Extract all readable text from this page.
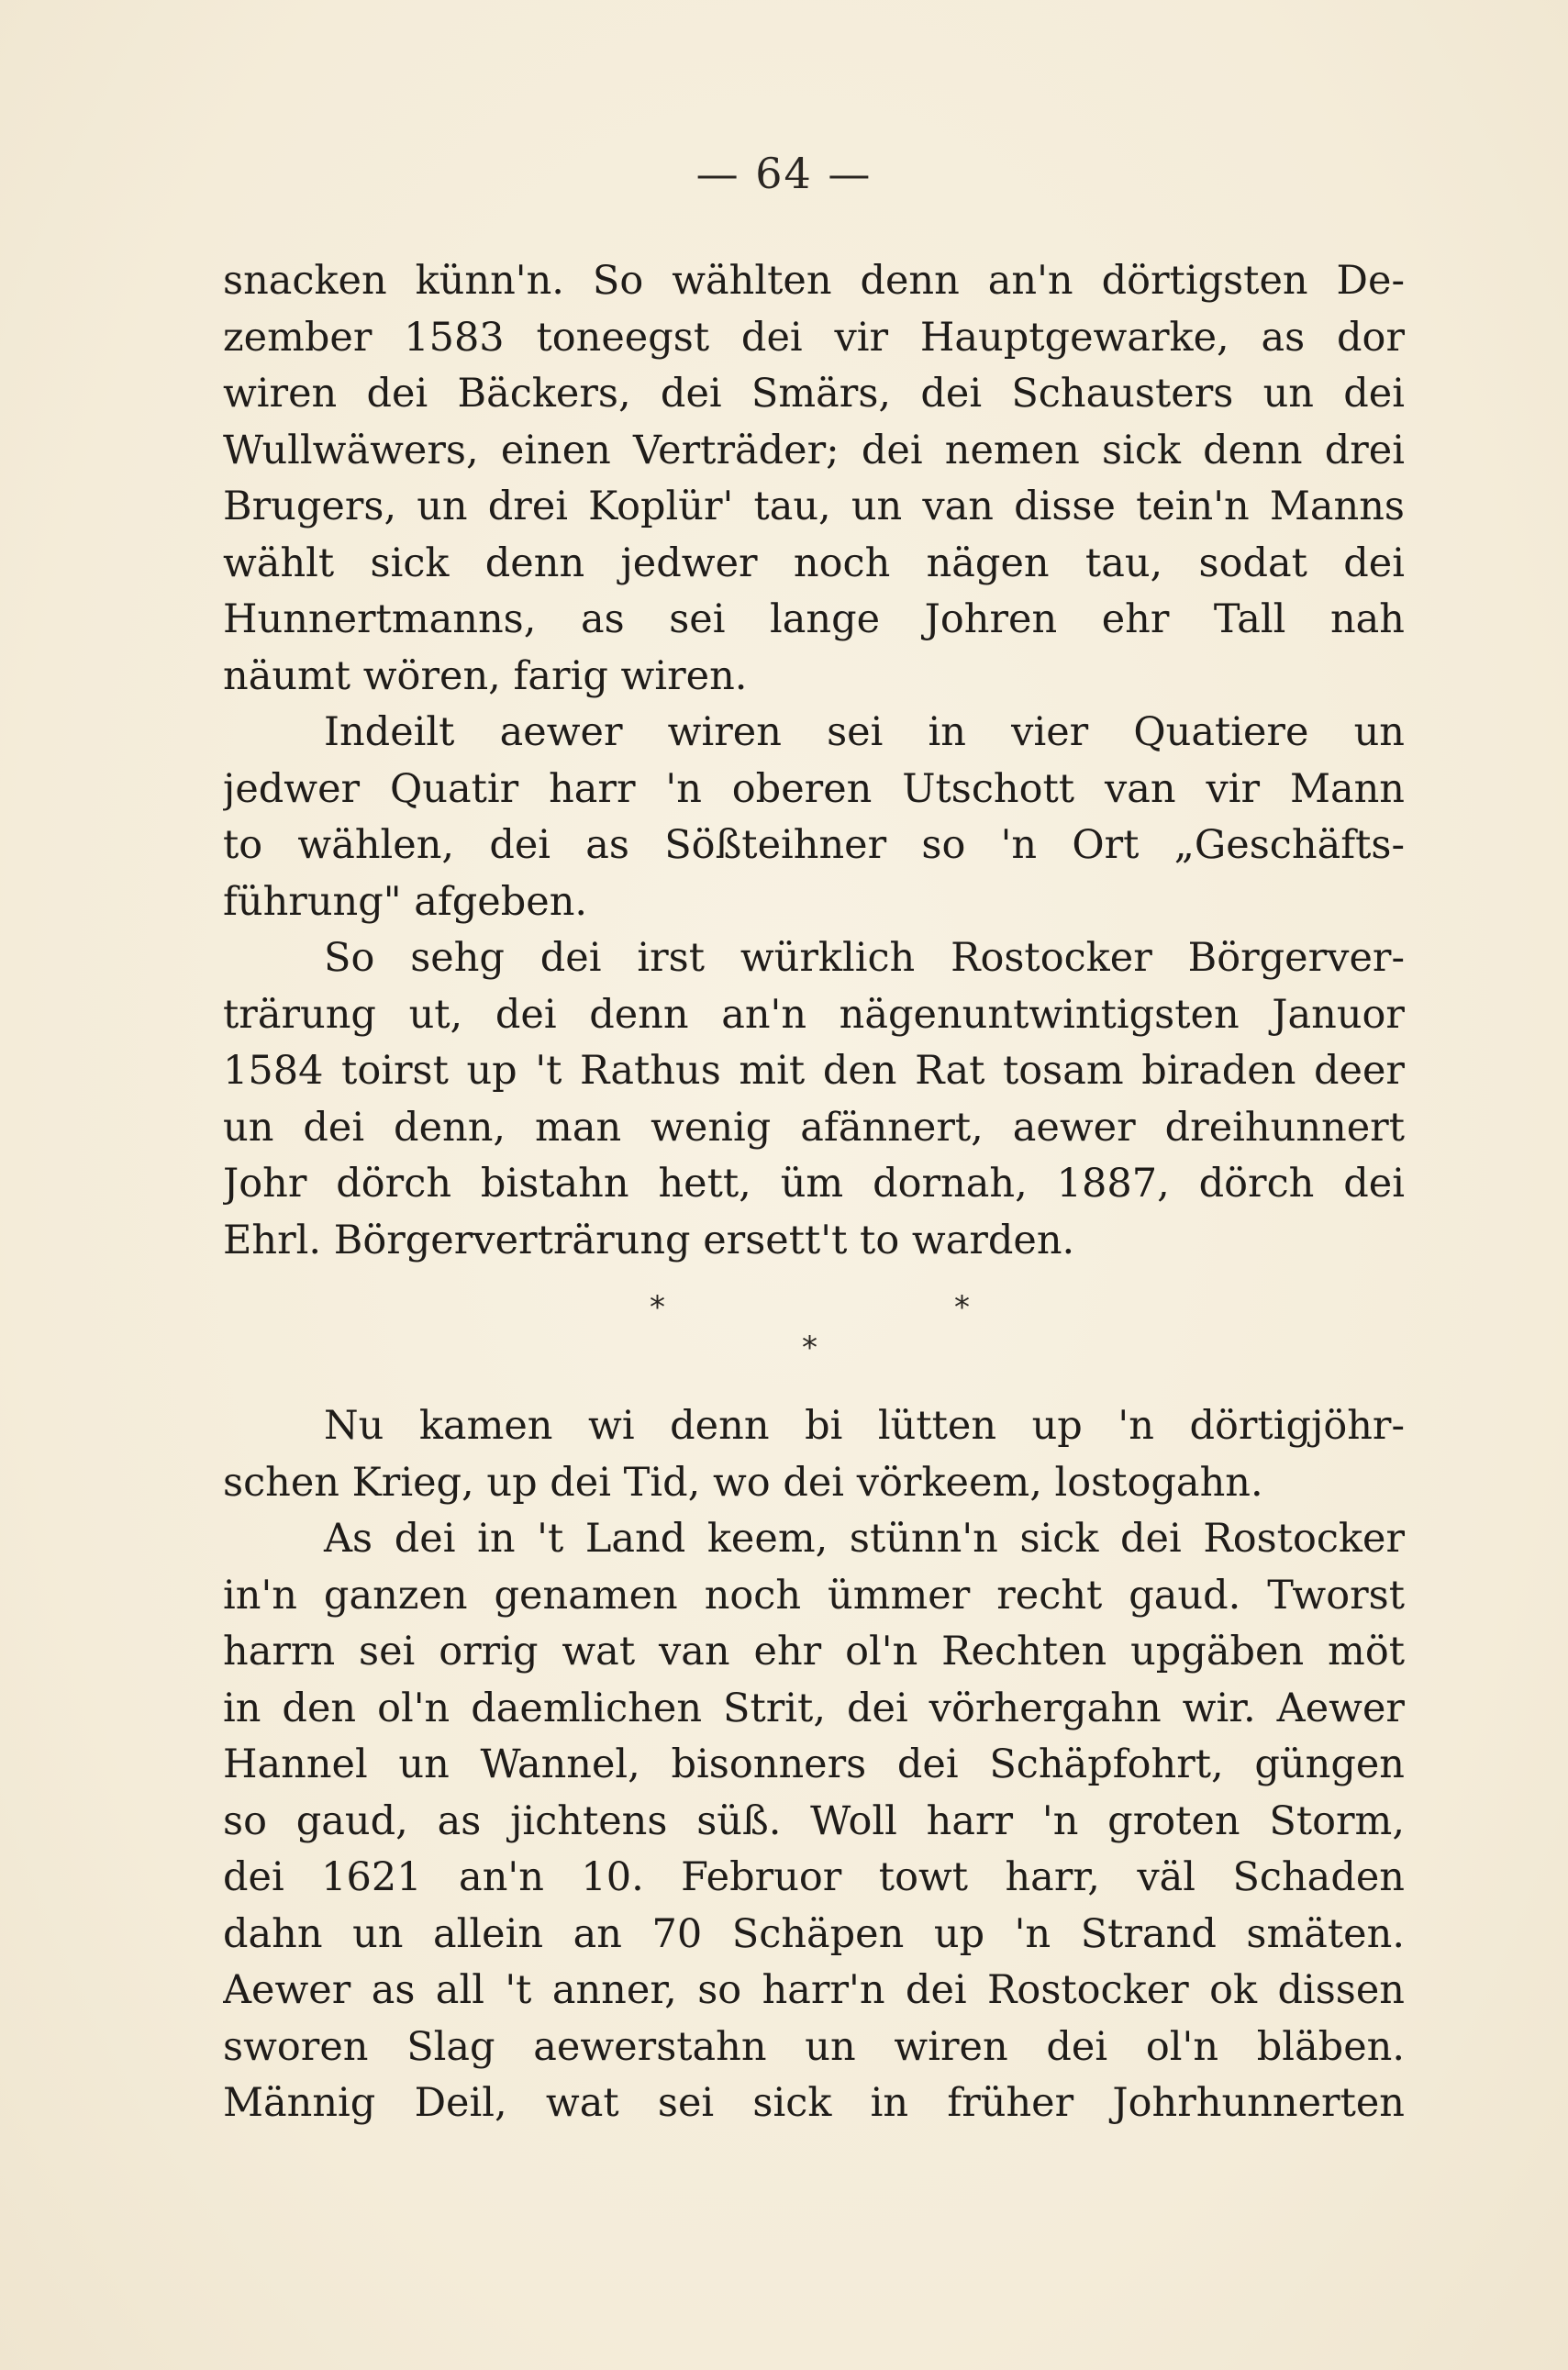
— 64 —
snacken künn'n. So wählten denn an'n dörtigsten De-
zember 1583 toneegst dei vir Hauptgewarke, as dor
wiren dei Bäckers, dei Smärs, dei Schausters un dei
Wullwäwers, einen Verträder; dei nemen sick denn drei
Brugers, un drei Koplür' tau, un van disse tein'n Manns
wählt sick denn jedwer noch nägen tau, sodat dei
Hunnertmanns, as sei lange Johren ehr Tall nah
näumt wören, farig wiren.
Indeilt aewer wiren sei in vier Quatiere un
jedwer Quatir harr 'n oberen Utschott van vir Mann
to wählen, dei as Sößteihner so 'n Ort „Geschäfts-
führung" afgeben.
So sehg dei irst würklich Rostocker Börgerver-
trärung ut, dei denn an'n nägenuntwintigsten Januor
1584 toirst up 't Rathus mit den Rat tosam biraden deer
un dei denn, man wenig afännert, aewer dreihunnert
Johr dörch bistahn hett, üm dornah, 1887, dörch dei
Ehrl. Börgerverträrung ersett't to warden.
*	*
*
Nu kamen wi denn bi lütten up 'n dörtigjöhr-
schen Krieg, up dei Tid, wo dei vörkeem, lostogahn.
As dei in 't Land keem, stünn'n sick dei Rostocker
in'n ganzen genamen noch ümmer recht gaud. Tworst
harrn sei orrig wat van ehr ol'n Rechten upgäben möt
in den ol'n daemlichen Strit, dei vörhergahn wir. Aewer
Hannel un Wannel, bisonners dei Schäpfohrt, güngen
so gaud, as jichtens süß. Woll harr 'n groten Storm,
dei 1621 an'n 10. Februor towt harr, väl Schaden
dahn un allein an 70 Schäpen up 'n Strand smäten.
Aewer as all 't anner, so harr'n dei Rostocker ok dissen
sworen Slag aewerstahn un wiren dei ol'n bläben.
Männig Deil, wat sei sick in früher Johrhunnerten
